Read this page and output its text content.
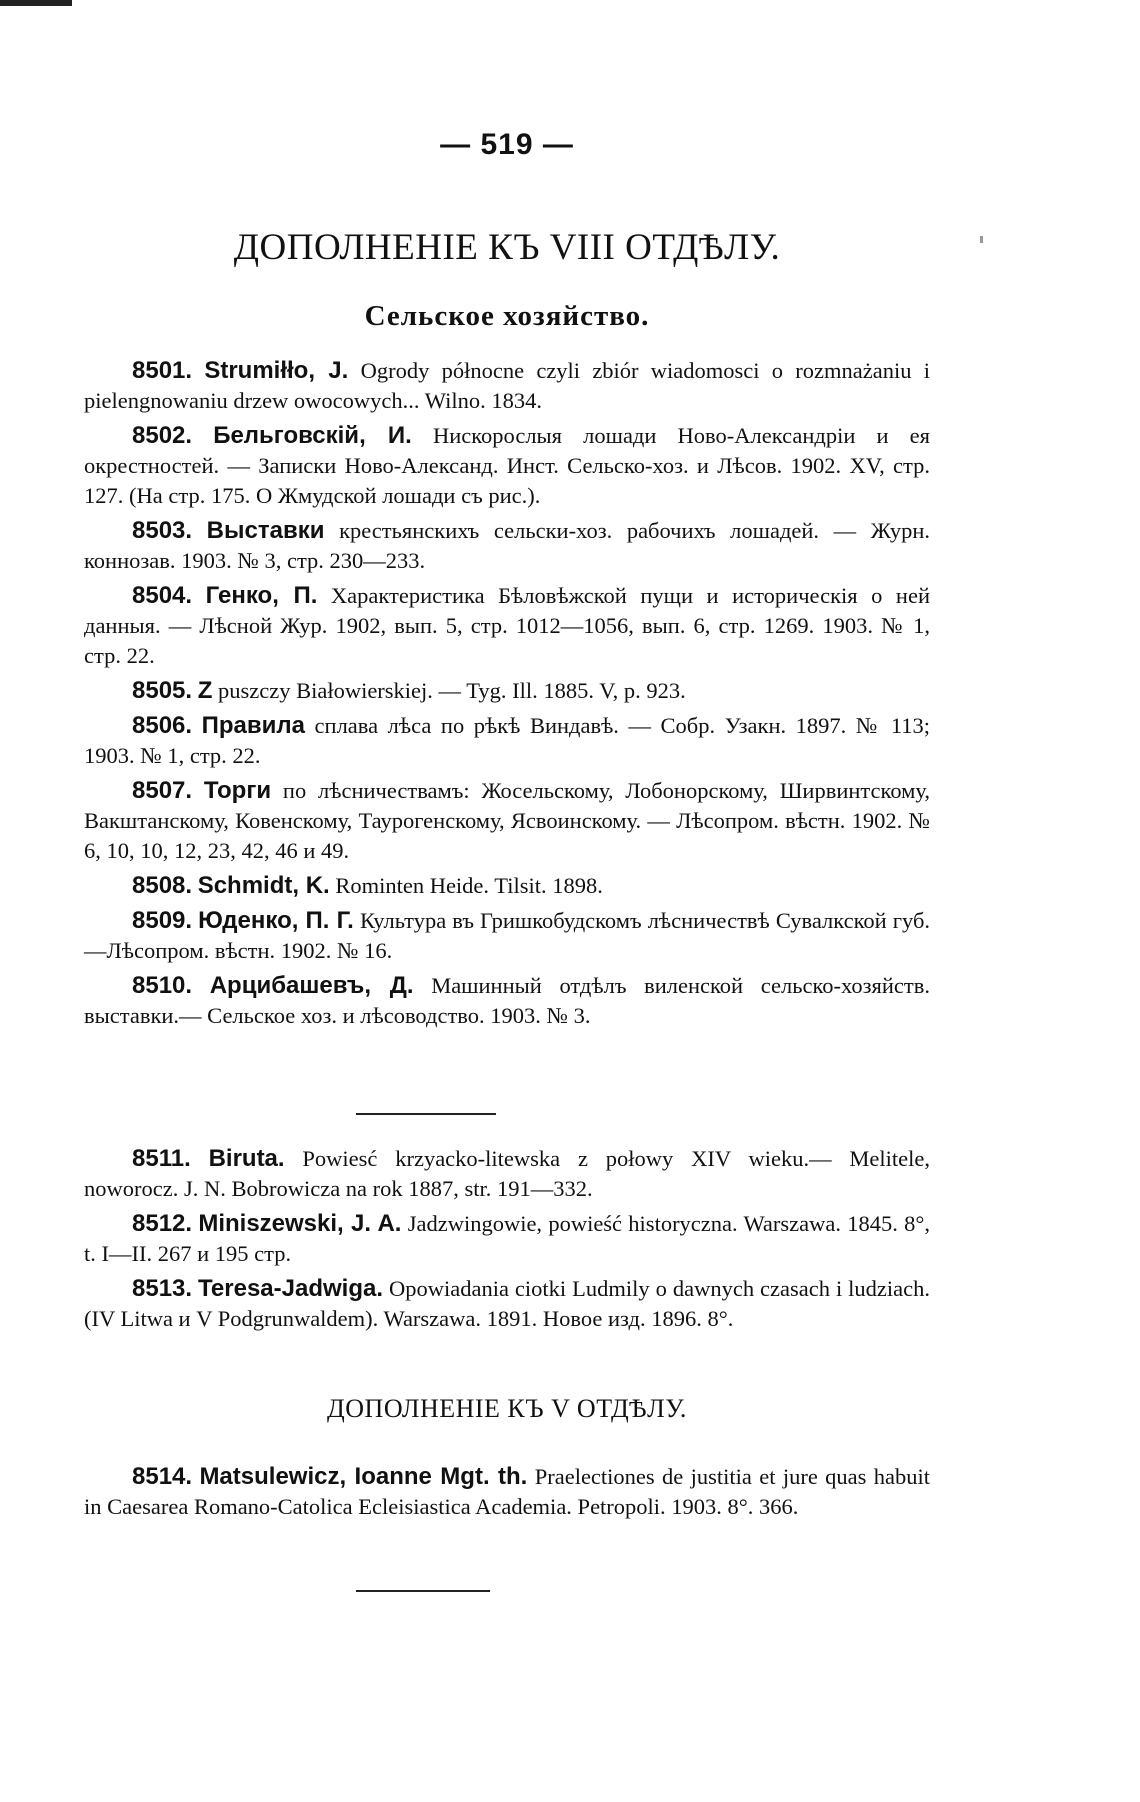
— 519 —
ДОПОЛНЕНІЕ КЪ VIII ОТДѢЛУ.
Сельское хозяйство.

8501. Strumiłło, J. Ogrody północne czyli zbiór wiadomosci o rozmnażaniu i pielengnowaniu drzew owocowych... Wilno. 1834.

8502. Бельговскій, И. Нискорослыя лошади Ново-Александріи и ея окрестностей. — Записки Ново-Александ. Инст. Сельско-хоз. и Лѣсов. 1902. XV, стр. 127. (На стр. 175. О Жмудской лошади съ рис.).

8503. Выставки крестьянскихъ сельски-хоз. рабочихъ лошадей. — Журн. коннозав. 1903. № 3, стр. 230—233.

8504. Генко, П. Характеристика Бѣловѣжской пущи и историческія о ней данныя. — Лѣсной Жур. 1902, вып. 5, стр. 1012—1056, вып. 6, стр. 1269. 1903. № 1, стр. 22.

8505. Z puszczy Białowierskiej. — Tyg. Ill. 1885. V, p. 923.

8506. Правила сплава лѣса по рѣкѣ Виндавѣ. — Собр. Узакн. 1897. № 113; 1903. № 1, стр. 22.

8507. Торги по лѣсничествамъ: Жосельскому, Лобонорскому, Ширвинтскому, Вакштанскому, Ковенскому, Таурогенскому, Ясвоинскому. — Лѣсопром. вѣстн. 1902. № 6, 10, 10, 12, 23, 42, 46 и 49.

8508. Schmidt, K. Rominten Heide. Tilsit. 1898.

8509. Юденко, П. Г. Культура въ Гришкобудскомъ лѣсничествѣ Сувалкской губ.—Лѣсопром. вѣстн. 1902. № 16.

8510. Арцибашевъ, Д. Машинный отдѣлъ виленской сельско-хозяйств. выставки.— Сельское хоз. и лѣсоводство. 1903. № 3.

8511. Biruta. Powiesć krzyacko-litewska z połowy XIV wieku.— Melitele, noworocz. J. N. Bobrowicza na rok 1887, str. 191—332.

8512. Miniszewski, J. A. Jadzwingowie, powieść historyczna. Warszawa. 1845. 8°, t. I—II. 267 и 195 стр.

8513. Teresa-Jadwiga. Opowiadania ciotki Ludmily o dawnych czasach i ludziach. (IV Litwa и V Podgrunwaldem). Warszawa. 1891. Новое изд. 1896. 8°.

ДОПОЛНЕНІЕ КЪ V ОТДѢЛУ.

8514. Matsulewicz, Ioanne Mgt. th. Praelectiones de justitia et jure quas habuit in Caesarea Romano-Catolica Ecleisiastica Academia. Petropoli. 1903. 8°. 366.
